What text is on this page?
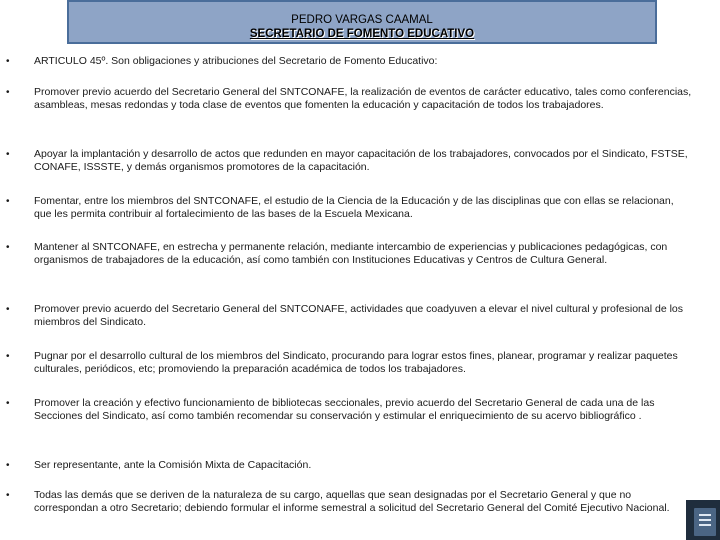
PEDRO VARGAS CAAMAL
SECRETARIO DE FOMENTO EDUCATIVO
• ARTICULO 45º. Son obligaciones y atribuciones del Secretario de Fomento Educativo:
• Promover previo acuerdo del Secretario General del SNTCONAFE, la realización de eventos de carácter educativo, tales como conferencias, asambleas, mesas redondas y toda clase de eventos que fomenten la educación y capacitación de todos los trabajadores.
• Apoyar la implantación y desarrollo de actos que redunden en mayor capacitación de los trabajadores, convocados por el Sindicato, FSTSE, CONAFE, ISSSTE, y demás organismos promotores de la capacitación.
• Fomentar, entre los miembros del SNTCONAFE, el estudio de la Ciencia de la Educación y de las disciplinas que con ellas se relacionan, que les permita contribuir al fortalecimiento de las bases de la Escuela Mexicana.
• Mantener al SNTCONAFE, en estrecha y permanente relación, mediante intercambio de experiencias y publicaciones pedagógicas, con organismos de trabajadores de la educación, así como también con Instituciones Educativas y Centros de Cultura General.
• Promover previo acuerdo del Secretario General del SNTCONAFE, actividades que coadyuven a elevar el nivel cultural y profesional de los miembros del Sindicato.
• Pugnar por el desarrollo cultural de los miembros del Sindicato, procurando para lograr estos fines, planear, programar y realizar paquetes culturales, periódicos, etc; promoviendo la preparación académica de todos los trabajadores.
• Promover la creación y efectivo funcionamiento de bibliotecas seccionales, previo acuerdo del Secretario General de cada una de las Secciones del Sindicato, así como también recomendar su conservación y estimular el enriquecimiento de su acervo bibliográfico .
• Ser representante, ante la Comisión Mixta de Capacitación.
• Todas las demás que se deriven de la naturaleza de su cargo, aquellas que sean designadas por el Secretario General y que no correspondan a otro Secretario; debiendo formular el informe semestral a solicitud del Secretario General del Comité Ejecutivo Nacional.
